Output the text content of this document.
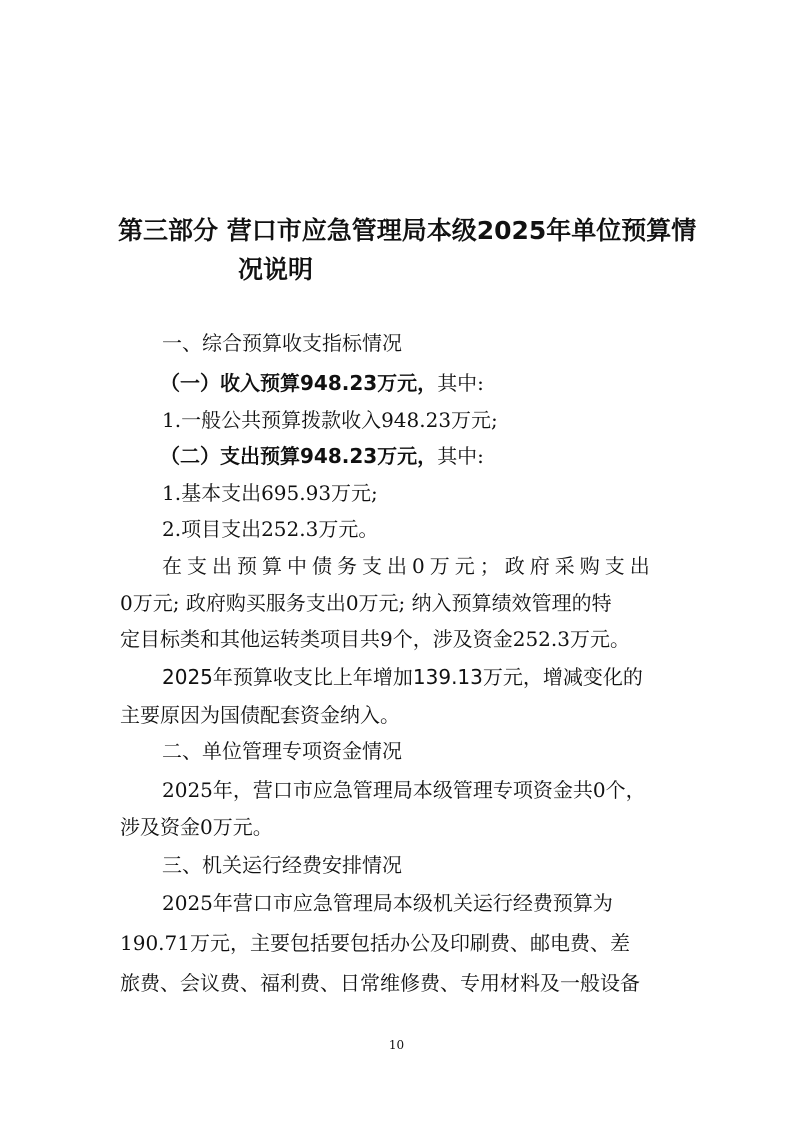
第三部分 营口市应急管理局本级2025年单位预算情
况说明
一、综合预算收支指标情况
（一）收入预算948.23万元，其中:
1.一般公共预算拨款收入948.23万元;
（二）支出预算948.23万元，其中:
1.基本支出695.93万元;
2.项目支出252.3万元。
在支出预算中债务支出0万元；政府采购支出
0万元; 政府购买服务支出0万元; 纳入预算绩效管理的特
定目标类和其他运转类项目共9个，涉及资金252.3万元。
2025年预算收支比上年增加139.13万元，增减变化的
主要原因为国债配套资金纳入。
二、单位管理专项资金情况
2025年，营口市应急管理局本级管理专项资金共0个，
涉及资金0万元。
三、机关运行经费安排情况
2025年营口市应急管理局本级机关运行经费预算为
190.71万元，主要包括要包括办公及印刷费、邮电费、差
旅费、会议费、福利费、日常维修费、专用材料及一般设备
10
